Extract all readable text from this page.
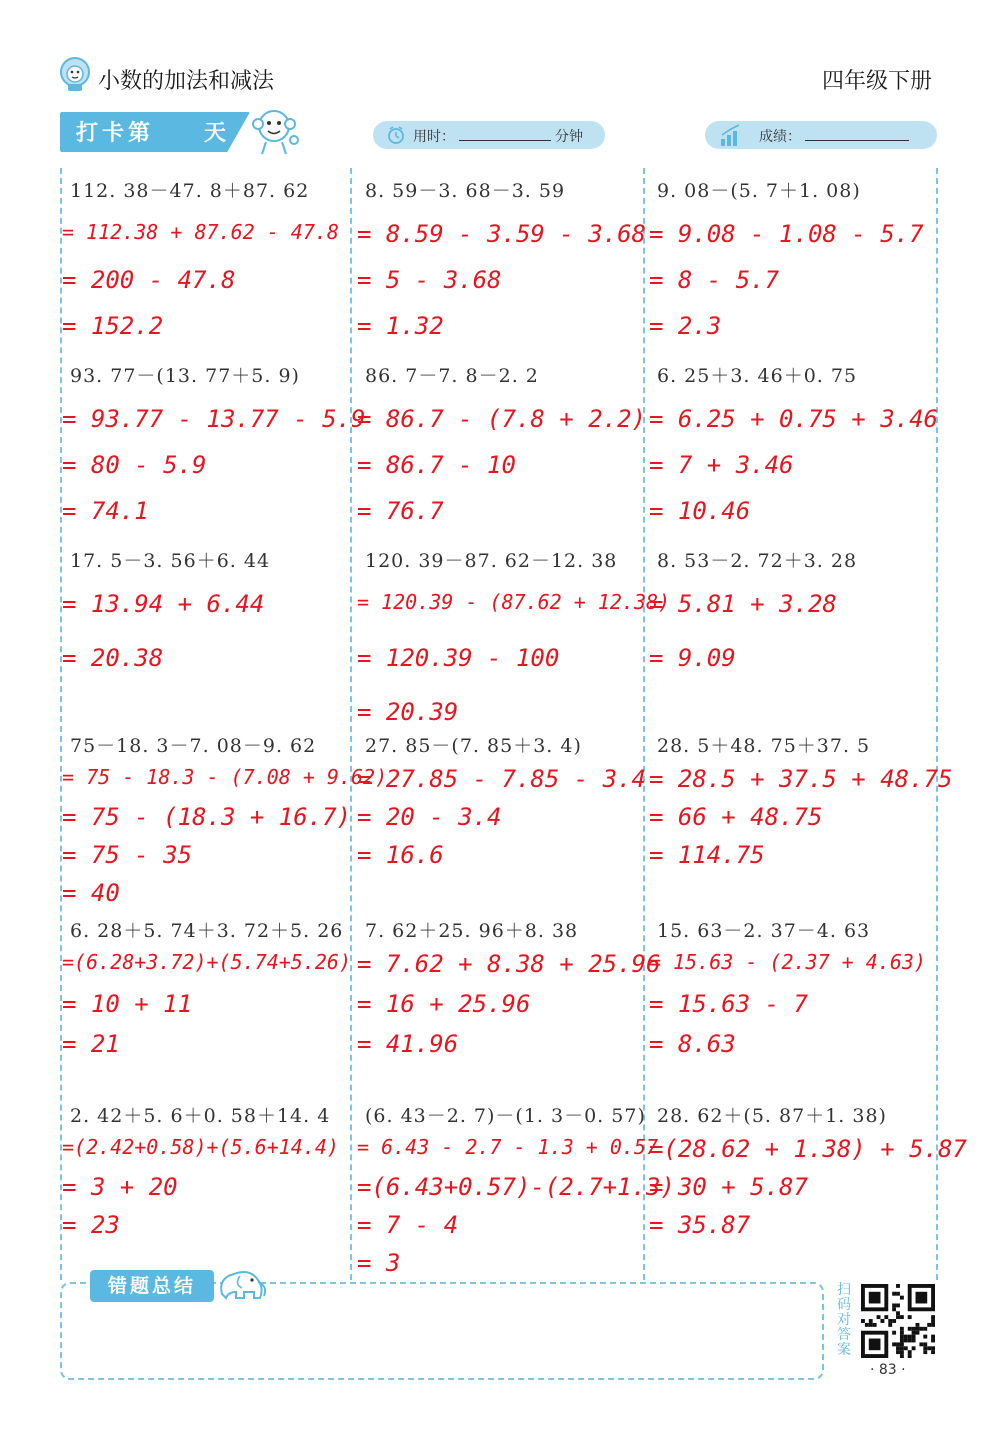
小数的加法和减法	四年级下册
打卡第 天	用时：	分钟	成绩：
112. 38－47. 8＋87. 62
= 112.38 + 87.62 - 47.8
= 200 - 47.8
= 152.2
8. 59－3. 68－3. 59
= 8.59 - 3.59 - 3.68
= 5 - 3.68
= 1.32
9. 08－(5. 7＋1. 08)
= 9.08 - 1.08 - 5.7
= 8 - 5.7
= 2.3
93. 77－(13. 77＋5. 9)
= 93.77 - 13.77 - 5.9
= 80 - 5.9
= 74.1
86. 7－7. 8－2. 2
= 86.7 - (7.8 + 2.2)
= 86.7 - 10
= 76.7
6. 25＋3. 46＋0. 75
= 6.25 + 0.75 + 3.46
= 7 + 3.46
= 10.46
17. 5－3. 56＋6. 44
= 13.94 + 6.44
= 20.38
120. 39－87. 62－12. 38
= 120.39 - (87.62 + 12.38)
= 120.39 - 100
= 20.39
8. 53－2. 72＋3. 28
= 5.81 + 3.28
= 9.09
75－18. 3－7. 08－9. 62
= 75 - 18.3 - (7.08 + 9.62)
= 75 - (18.3 + 16.7)
= 75 - 35
= 40
27. 85－(7. 85＋3. 4)
= 27.85 - 7.85 - 3.4
= 20 - 3.4
= 16.6
28. 5＋48. 75＋37. 5
= 28.5 + 37.5 + 48.75
= 66 + 48.75
= 114.75
6. 28＋5. 74＋3. 72＋5. 26
=(6.28+3.72)+(5.74+5.26)
= 10 + 11
= 21
7. 62＋25. 96＋8. 38
= 7.62 + 8.38 + 25.96
= 16 + 25.96
= 41.96
15. 63－2. 37－4. 63
= 15.63 - (2.37 + 4.63)
= 15.63 - 7
= 8.63
2. 42＋5. 6＋0. 58＋14. 4
=(2.42+0.58)+(5.6+14.4)
= 3 + 20
= 23
(6. 43－2. 7)－(1. 3－0. 57)
= 6.43 - 2.7 - 1.3 + 0.57
=(6.43+0.57)-(2.7+1.3)
= 7 - 4
= 3
28. 62＋(5. 87＋1. 38)
=(28.62 + 1.38) + 5.87
= 30 + 5.87
= 35.87
错题总结	扫码对答案
· 83 ·
